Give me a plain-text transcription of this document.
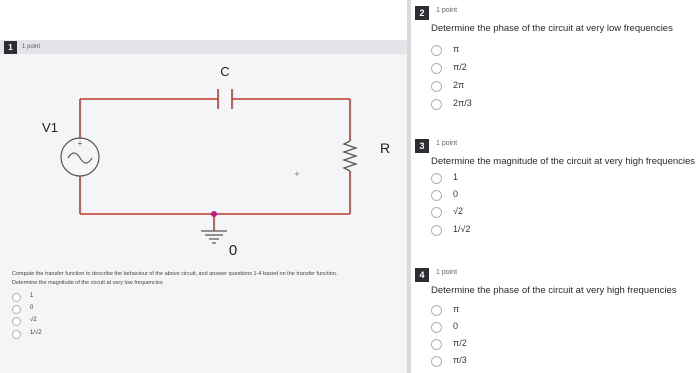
1	1 point
C
+
V1
R
+
0
Compute the transfer function to describe the behaviour of the above circuit, and answer questions 1-4 based on the transfer function.
Determine the magnitude of the circuit at very low frequencies
1
0
√2
1/√2
2	1 point
Determine the phase of the circuit at very low frequencies
π
π/2
2π
2π/3
3	1 point
Determine the magnitude of the circuit at very high frequencies
1
0
√2
1/√2
4	1 point
Determine the phase of the circuit at very high frequencies
π
0
π/2
π/3
